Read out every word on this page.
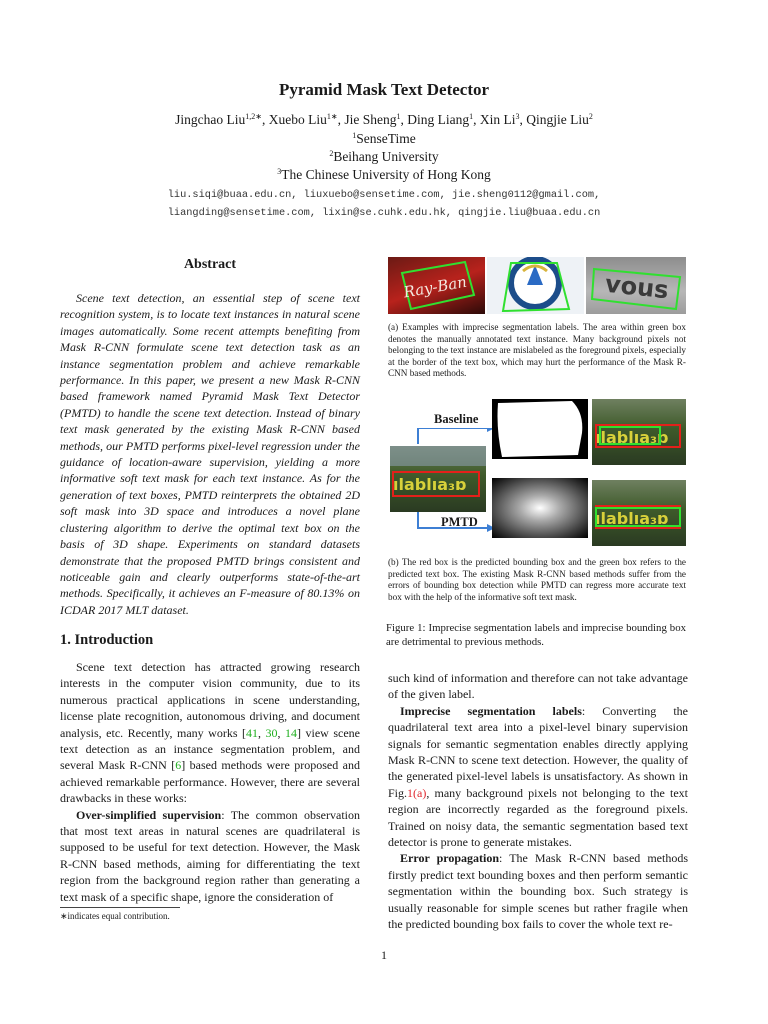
Pyramid Mask Text Detector
Jingchao Liu$^{1,2∗}$, Xuebo Liu$^{1∗}$, Jie Sheng$^1$, Ding Liang$^1$, Xin Li$^3$, Qingjie Liu$^2$
$^1$SenseTime
$^2$Beihang University
$^3$The Chinese University of Hong Kong
liu.siqi@buaa.edu.cn, liuxuebo@sensetime.com, jie.sheng0112@gmail.com,
liangding@sensetime.com, lixin@se.cuhk.edu.hk, qingjie.liu@buaa.edu.cn
Abstract
Scene text detection, an essential step of scene text recognition system, is to locate text instances in natural scene images automatically. Some recent attempts benefiting from Mask R-CNN formulate scene text detection task as an instance segmentation problem and achieve remarkable performance. In this paper, we present a new Mask R-CNN based framework named Pyramid Mask Text Detector (PMTD) to handle the scene text detection. Instead of binary text mask generated by the existing Mask R-CNN based methods, our PMTD performs pixel-level regression under the guidance of location-aware supervision, yielding a more informative soft text mask for each text instance. As for the generation of text boxes, PMTD reinterprets the obtained 2D soft mask into 3D space and introduces a novel plane clustering algorithm to derive the optimal text box on the basis of 3D shape. Experiments on standard datasets demonstrate that the proposed PMTD brings consistent and noticeable gain and clearly outperforms state-of-the-art methods. Specifically, it achieves an F-measure of 80.13% on ICDAR 2017 MLT dataset.
1. Introduction

Scene text detection has attracted growing research interests in the computer vision community, due to its numerous practical applications in scene understanding, license plate recognition, autonomous driving, and document analysis, etc. Recently, many works [41, 30, 14] view scene text detection as an instance segmentation problem, and several Mask R-CNN [6] based methods were proposed and achieved remarkable performance. However, there are several drawbacks in these works:

Over-simplified supervision: The common observation that most text areas in natural scenes are quadrilateral is supposed to be useful for text detection. However, the Mask R-CNN based methods, aiming for differentiating the text region from the background region rather than generating a text mask of a specific shape, ignore the consideration of

∗indicates equal contribution.
Ray-Ban	vous
(a) Examples with imprecise segmentation labels. The area within green box denotes the manually annotated text instance. Many background pixels not belonging to the text instance are mislabeled as the foreground pixels, especially at the border of the text box, which may hurt the performance of the Mask R-CNN based methods.
ılablıa₃ɒ
Baseline
PMTD
ılablıa₃ɒ
ılablıa₃ɒ
(b) The red box is the predicted bounding box and the green box refers to the predicted text box. The existing Mask R-CNN based methods suffer from the errors of bounding box detection while PMTD can regress more accurate text box with the help of the informative soft text mask.
Figure 1: Imprecise segmentation labels and imprecise bounding box are detrimental to previous methods.

such kind of information and therefore can not take advantage of the given label.

Imprecise segmentation labels: Converting the quadrilateral text area into a pixel-level binary supervision signals for semantic segmentation enables directly applying Mask R-CNN to scene text detection. However, the quality of the generated pixel-level labels is unsatisfactory. As shown in Fig.1(a), many background pixels not belonging to the text region are incorrectly regarded as the foreground pixels. Trained on noisy data, the semantic segmentation based text detector is prone to generate mistakes.

Error propagation: The Mask R-CNN based methods firstly predict text bounding boxes and then perform semantic segmentation within the bounding box. Such strategy is usually reasonable for simple scenes but rather fragile when the predicted bounding box fails to cover the whole text re-

1
